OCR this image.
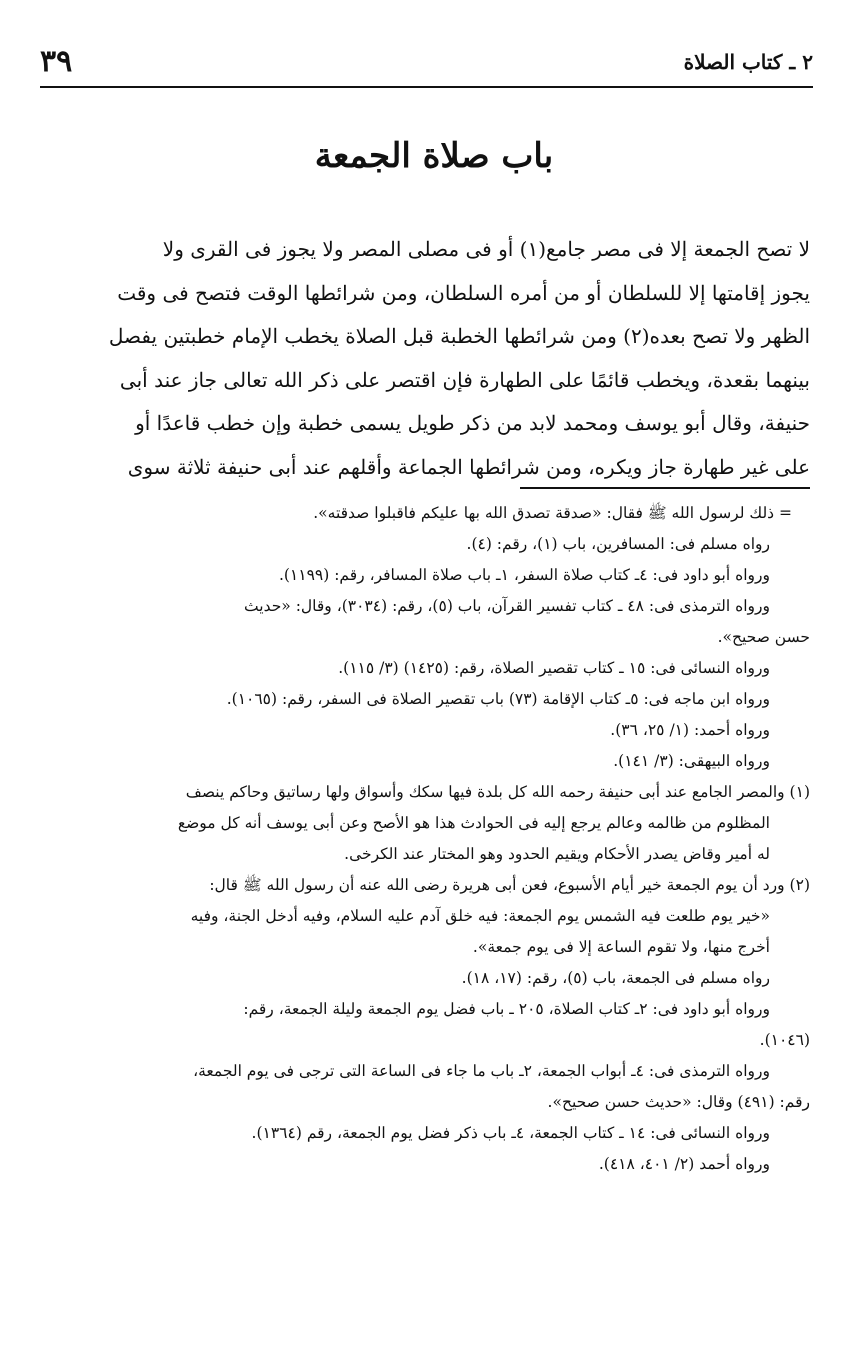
٣٩	٢ ـ كتاب الصلاة
باب صلاة الجمعة
لا تصح الجمعة إلا فى مصر جامع(١) أو فى مصلى المصر ولا يجوز فى القرى ولا
يجوز إقامتها إلا للسلطان أو من أمره السلطان، ومن شرائطها الوقت فتصح فى وقت
الظهر ولا تصح بعده(٢) ومن شرائطها الخطبة قبل الصلاة يخطب الإمام خطبتين يفصل
بينهما بقعدة، ويخطب قائمًا على الطهارة فإن اقتصر على ذكر الله تعالى جاز عند أبى
حنيفة، وقال أبو يوسف ومحمد لابد من ذكر طويل يسمى خطبة وإن خطب قاعدًا أو
على غير طهارة جاز ويكره، ومن شرائطها الجماعة وأقلهم عند أبى حنيفة ثلاثة سوى
= ذلك لرسول الله ﷺ فقال: «صدقة تصدق الله بها عليكم فاقبلوا صدقته».
رواه مسلم فى: المسافرين، باب (١)، رقم: (٤).
ورواه أبو داود فى: ٤ـ كتاب صلاة السفر، ١ـ باب صلاة المسافر، رقم: (١١٩٩).
ورواه الترمذى فى: ٤٨ ـ كتاب تفسير القرآن، باب (٥)، رقم: (٣٠٣٤)، وقال: «حديث
حسن صحيح».
ورواه النسائى فى: ١٥ ـ كتاب تقصير الصلاة، رقم: (١٤٢٥) (٣/ ١١٥).
ورواه ابن ماجه فى: ٥ـ كتاب الإقامة (٧٣) باب تقصير الصلاة فى السفر، رقم: (١٠٦٥).
ورواه أحمد: (١/ ٢٥، ٣٦).
ورواه البيهقى: (٣/ ١٤١).
(١) والمصر الجامع عند أبى حنيفة رحمه الله كل بلدة فيها سكك وأسواق ولها رساتيق وحاكم ينصف
المظلوم من ظالمه وعالم يرجع إليه فى الحوادث هذا هو الأصح وعن أبى يوسف أنه كل موضع
له أمير وقاض يصدر الأحكام ويقيم الحدود وهو المختار عند الكرخى.
(٢) ورد أن يوم الجمعة خير أيام الأسبوع، فعن أبى هريرة رضى الله عنه أن رسول الله ﷺ قال:
«خير يوم طلعت فيه الشمس يوم الجمعة: فيه خلق آدم عليه السلام، وفيه أدخل الجنة، وفيه
أخرج منها، ولا تقوم الساعة إلا فى يوم جمعة».
رواه مسلم فى الجمعة، باب (٥)، رقم: (١٧، ١٨).
ورواه أبو داود فى: ٢ـ كتاب الصلاة، ٢٠٥ ـ باب فضل يوم الجمعة وليلة الجمعة، رقم:
(١٠٤٦).
ورواه الترمذى فى: ٤ـ أبواب الجمعة، ٢ـ باب ما جاء فى الساعة التى ترجى فى يوم الجمعة،
رقم: (٤٩١) وقال: «حديث حسن صحيح».
ورواه النسائى فى: ١٤ ـ كتاب الجمعة، ٤ـ باب ذكر فضل يوم الجمعة، رقم (١٣٦٤).
ورواه أحمد (٢/ ٤٠١، ٤١٨).
